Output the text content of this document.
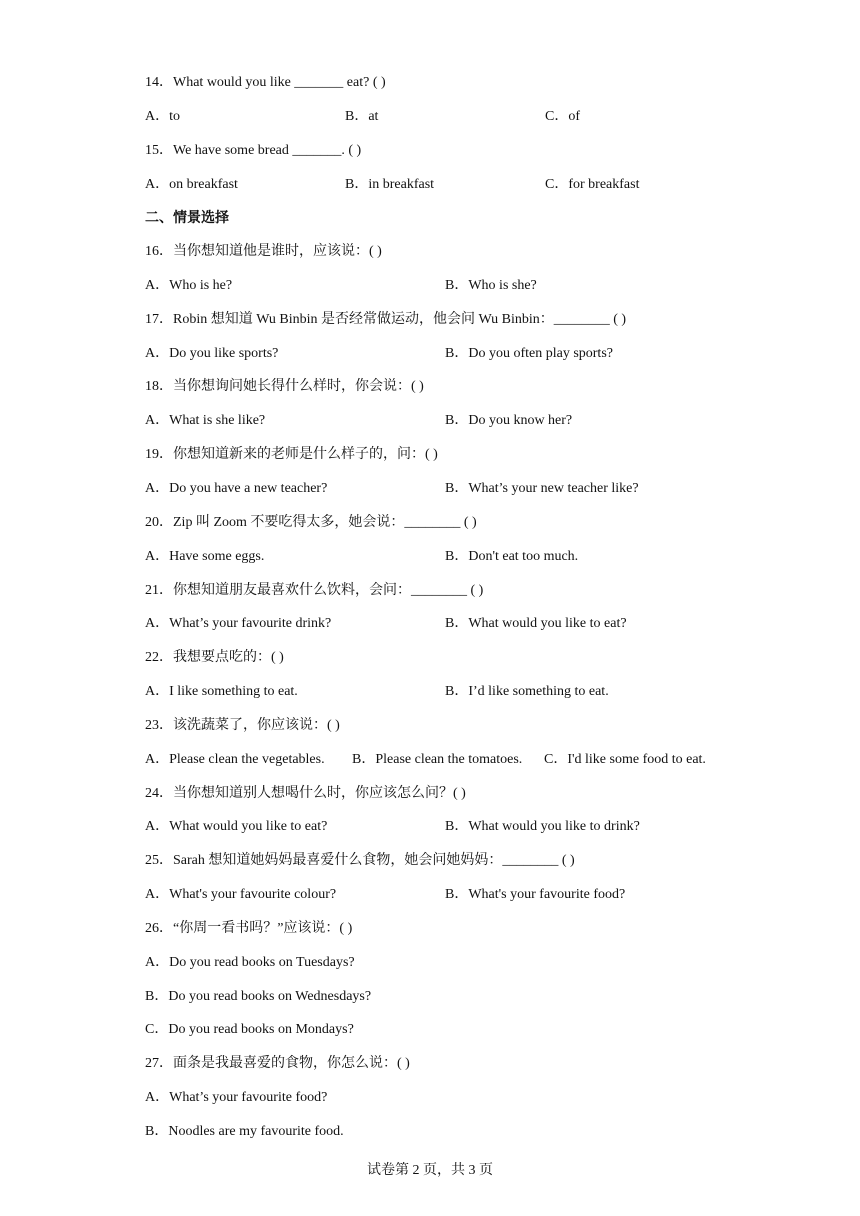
14．What would you like _______ eat? ( )
A．to	B．at	C．of
15．We have some bread _______. ( )
A．on breakfast	B．in breakfast	C．for breakfast
二、情景选择
16．当你想知道他是谁时，应该说：( )
A．Who is he?	B．Who is she?
17．Robin 想知道 Wu Binbin 是否经常做运动，他会问 Wu Binbin：________ ( )
A．Do you like sports?	B．Do you often play sports?
18．当你想询问她长得什么样时，你会说：( )
A．What is she like?	B．Do you know her?
19．你想知道新来的老师是什么样子的，问：( )
A．Do you have a new teacher?	B．What’s your new teacher like?
20．Zip 叫 Zoom 不要吃得太多，她会说：________ ( )
A．Have some eggs.	B．Don't eat too much.
21．你想知道朋友最喜欢什么饮料，会问：________ ( )
A．What’s your favourite drink?	B．What would you like to eat?
22．我想要点吃的：( )
A．I like something to eat.	B．I’d like something to eat.
23．该洗蔬菜了，你应该说：( )
A．Please clean the vegetables. B．Please clean the tomatoes. C．I'd like some food to eat.
24．当你想知道别人想喝什么时，你应该怎么问？( )
A．What would you like to eat?	B．What would you like to drink?
25．Sarah 想知道她妈妈最喜爱什么食物，她会问她妈妈：________ ( )
A．What's your favourite colour?	B．What's your favourite food?
26．“你周一看书吗？”应该说：( )
A．Do you read books on Tuesdays?
B．Do you read books on Wednesdays?
C．Do you read books on Mondays?
27．面条是我最喜爱的食物，你怎么说：( )
A．What’s your favourite food?
B．Noodles are my favourite food.
试卷第 2 页，共 3 页
